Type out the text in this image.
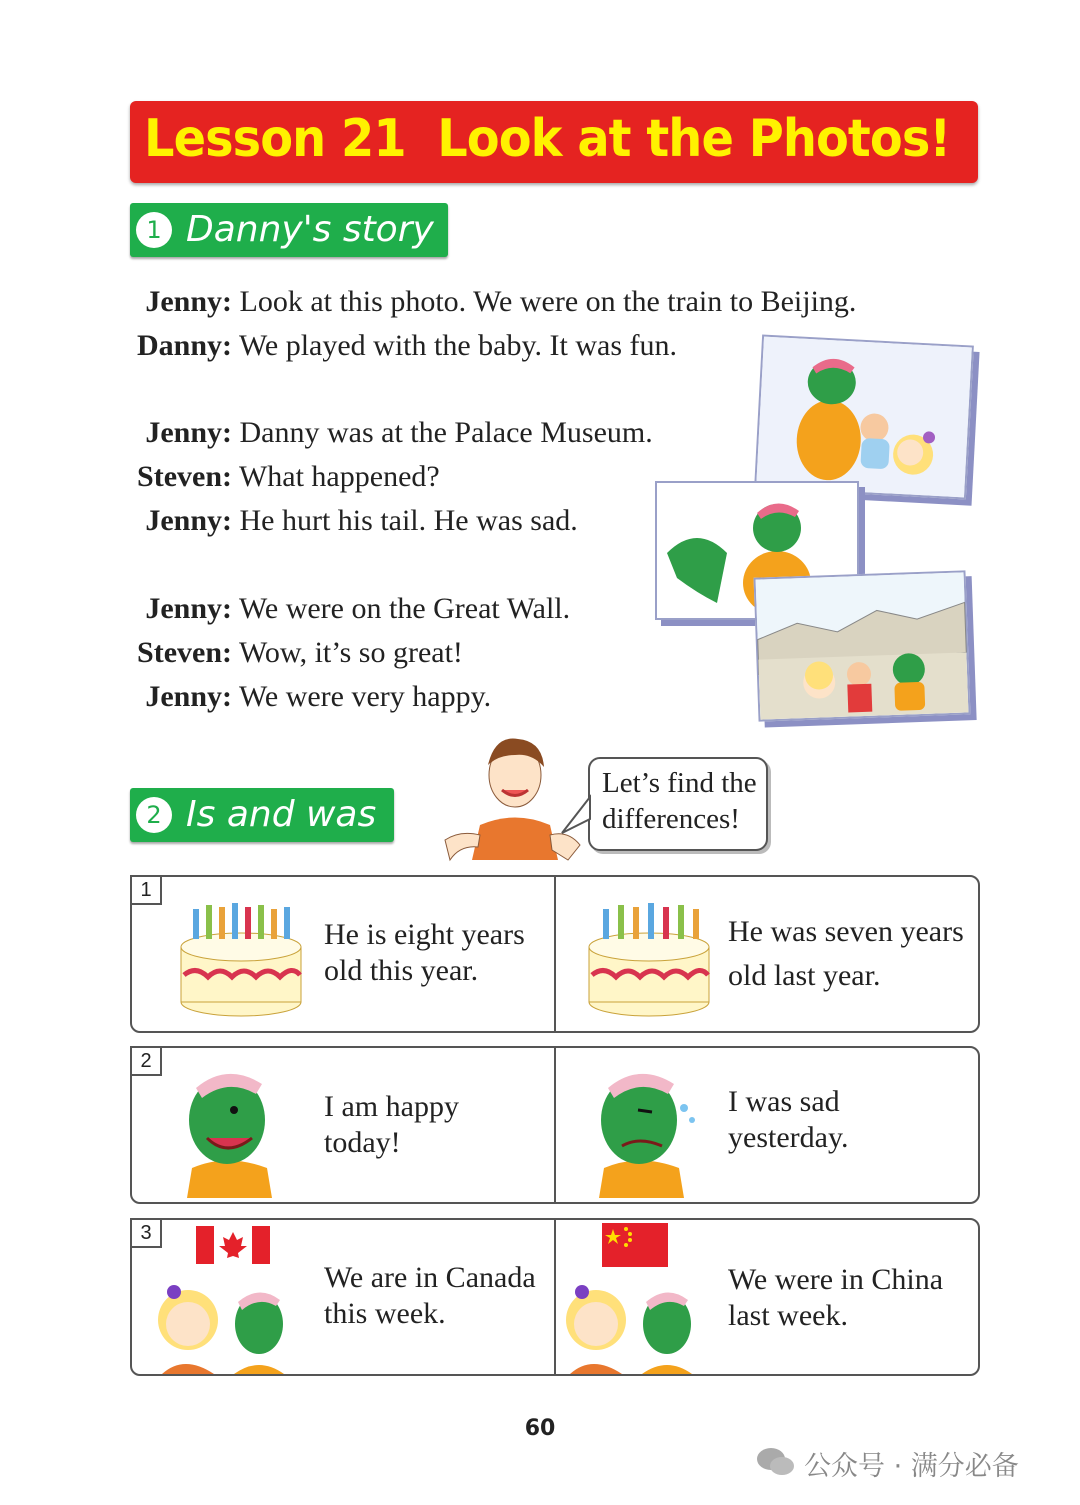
Lesson 21  Look at the Photos!
1 Danny's story
Jenny: Look at this photo. We were on the train to Beijing.
Danny: We played with the baby. It was fun.
Jenny: Danny was at the Palace Museum.
Steven: What happened?
Jenny: He hurt his tail. He was sad.
Jenny: We were on the Great Wall.
Steven: Wow, it’s so great!
Jenny: We were very happy.
2 Is and was
Let’s find the
differences!
1
He is eight years
old this year.
He was seven years
old last year.
2
I am happy
today!
I was sad
yesterday.
3
We are in Canada
this week.
We were in China
last week.
60
公众号 · 满分必备
